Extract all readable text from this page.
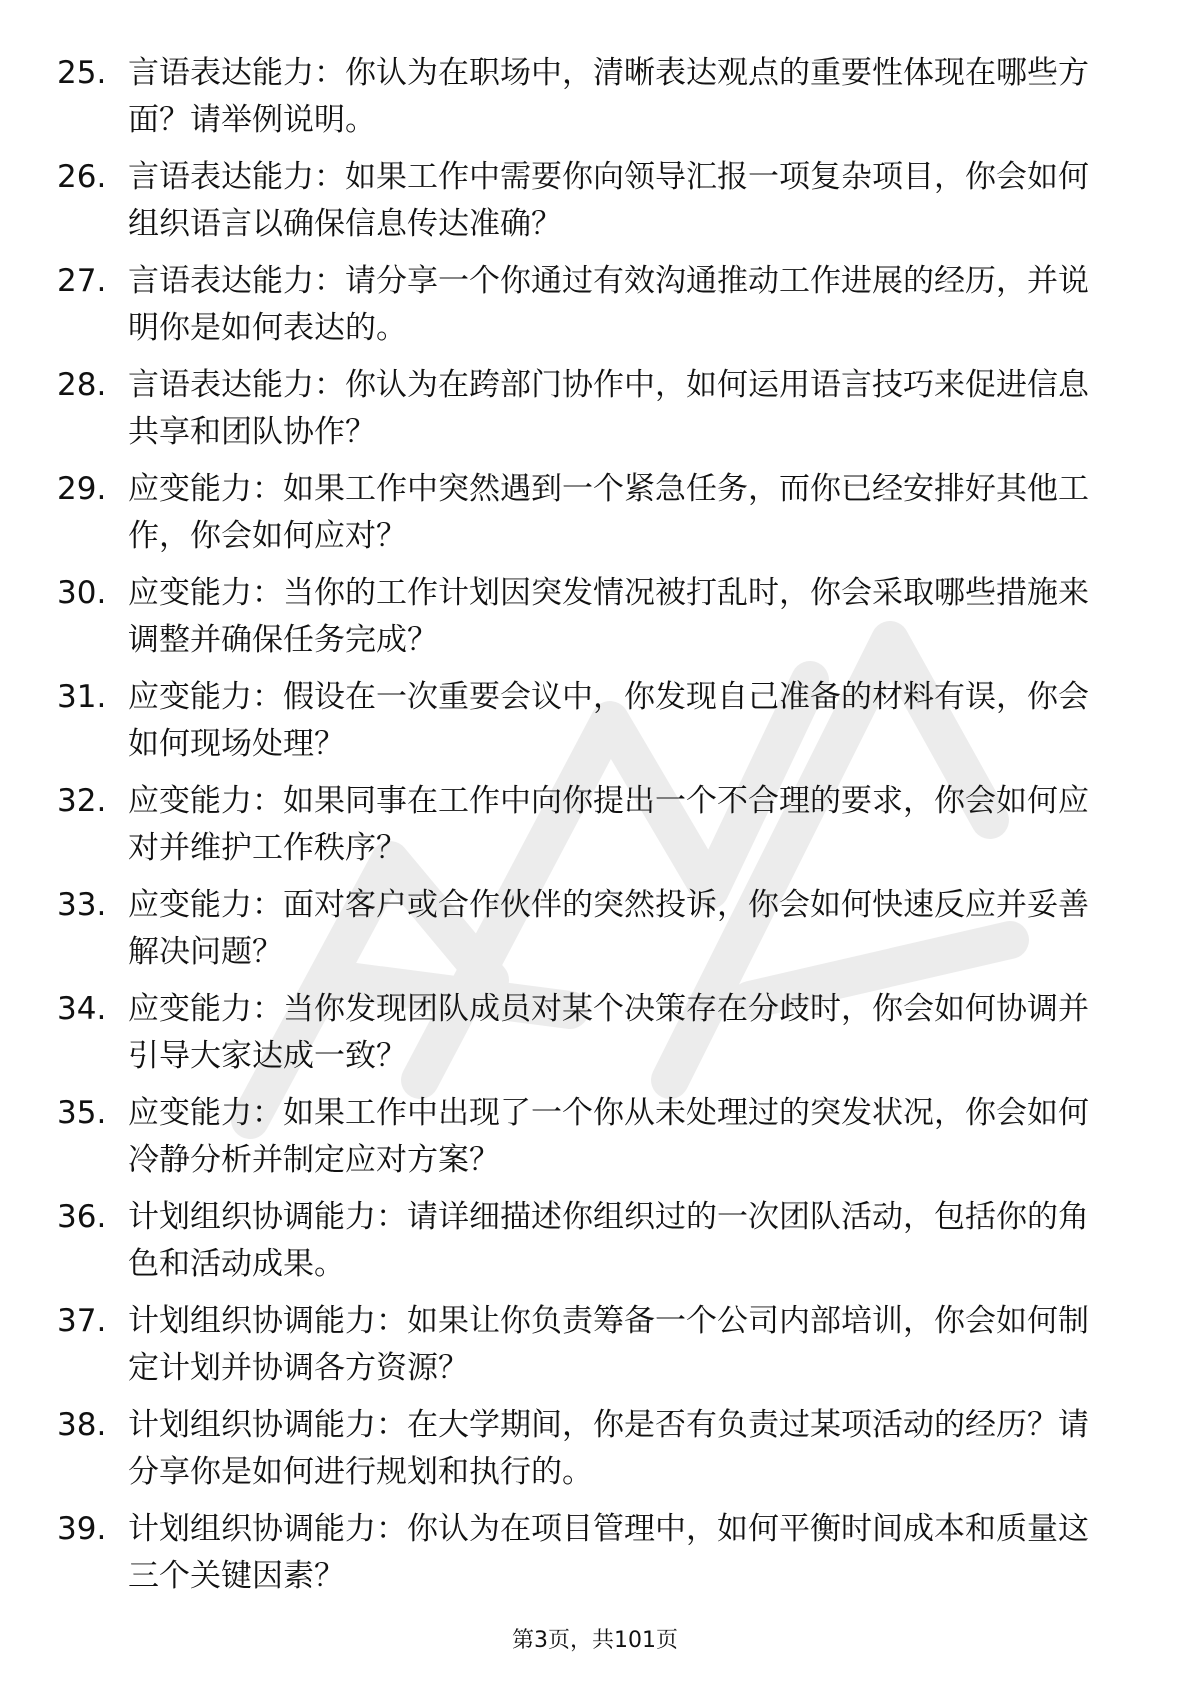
25. 言语表达能力：你认为在职场中，清晰表达观点的重要性体现在哪些方面？请举例说明。
26. 言语表达能力：如果工作中需要你向领导汇报一项复杂项目，你会如何组织语言以确保信息传达准确？
27. 言语表达能力：请分享一个你通过有效沟通推动工作进展的经历，并说明你是如何表达的。
28. 言语表达能力：你认为在跨部门协作中，如何运用语言技巧来促进信息共享和团队协作？
29. 应变能力：如果工作中突然遇到一个紧急任务，而你已经安排好其他工作，你会如何应对？
30. 应变能力：当你的工作计划因突发情况被打乱时，你会采取哪些措施来调整并确保任务完成？
31. 应变能力：假设在一次重要会议中，你发现自己准备的材料有误，你会如何现场处理？
32. 应变能力：如果同事在工作中向你提出一个不合理的要求，你会如何应对并维护工作秩序？
33. 应变能力：面对客户或合作伙伴的突然投诉，你会如何快速反应并妥善解决问题？
34. 应变能力：当你发现团队成员对某个决策存在分歧时，你会如何协调并引导大家达成一致？
35. 应变能力：如果工作中出现了一个你从未处理过的突发状况，你会如何冷静分析并制定应对方案？
36. 计划组织协调能力：请详细描述你组织过的一次团队活动，包括你的角色和活动成果。
37. 计划组织协调能力：如果让你负责筹备一个公司内部培训，你会如何制定计划并协调各方资源？
38. 计划组织协调能力：在大学期间，你是否有负责过某项活动的经历？请分享你是如何进行规划和执行的。
39. 计划组织协调能力：你认为在项目管理中，如何平衡时间成本和质量这三个关键因素？
第3页，共101页
